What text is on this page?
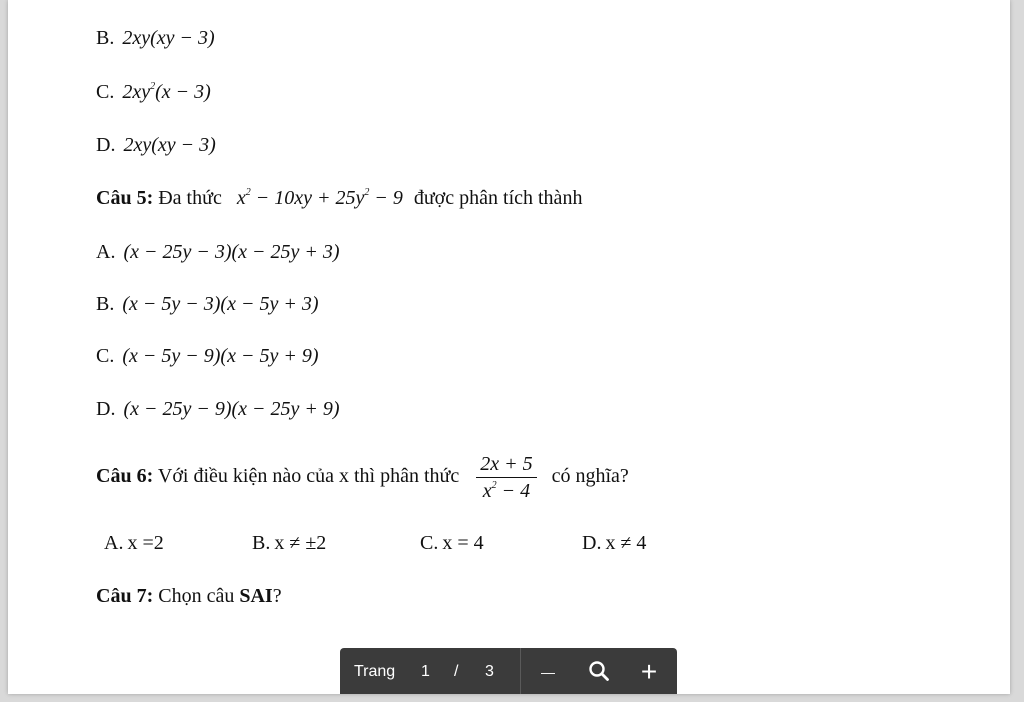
B. 2xy(xy − 3)
C. $2xy^2(x - 3)$
D. 2xy(xy − 3)
Câu 5: Đa thức $x^2 - 10xy + 25y^2 - 9$ được phân tích thành
A. (x − 25y − 3)(x − 25y + 3)
B. (x − 5y − 3)(x − 5y + 3)
C. (x − 5y − 9)(x − 5y + 9)
D. (x − 25y − 9)(x − 25y + 9)
Câu 6: Với điều kiện nào của x thì phân thức $\frac{2x + 5}{x^2 - 4}$ có nghĩa?
A. x =2	B. x ≠ ±2	C. x = 4	D. x ≠ 4
Câu 7: Chọn câu SAI?
Trang 1 / 3	—	+
